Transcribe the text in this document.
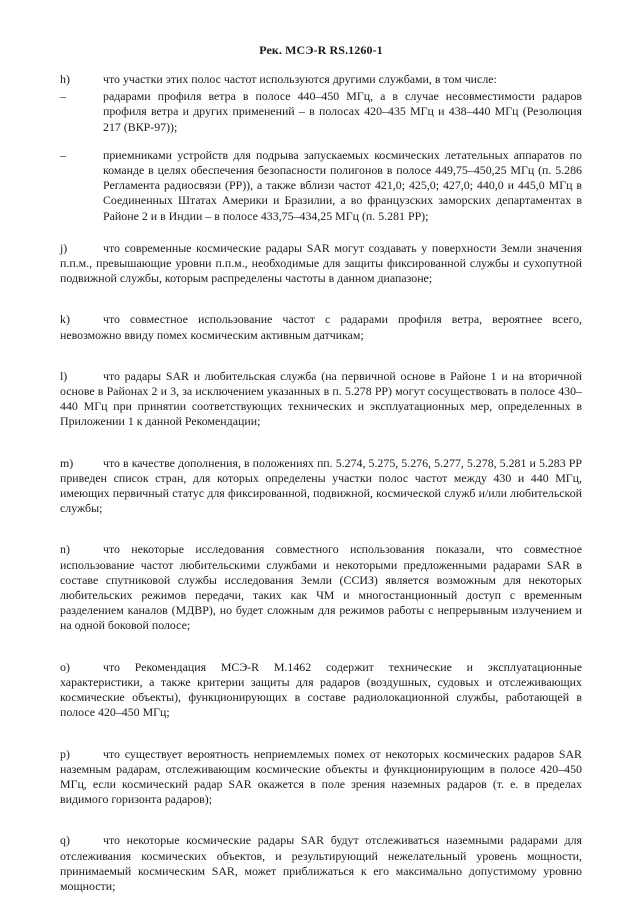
Рек. МСЭ-R RS.1260-1
h)	что участки этих полос частот используются другими службами, в том числе:
–	радарами профиля ветра в полосе 440–450 МГц, а в случае несовместимости радаров профиля ветра и других применений – в полосах 420–435 МГц и 438–440 МГц (Резолюция 217 (ВКР-97));
–	приемниками устройств для подрыва запускаемых космических летательных аппаратов по команде в целях обеспечения безопасности полигонов в полосе 449,75–450,25 МГц (п. 5.286 Регламента радиосвязи (РР)), а также вблизи частот 421,0; 425,0; 427,0; 440,0 и 445,0 МГц в Соединенных Штатах Америки и Бразилии, а во французских заморских департаментах в Районе 2 и в Индии – в полосе 433,75–434,25 МГц (п. 5.281 РР);

j)	что современные космические радары SAR могут создавать у поверхности Земли значения п.п.м., превышающие уровни п.п.м., необходимые для защиты фиксированной службы и сухопутной подвижной службы, которым распределены частоты в данном диапазоне;

k)	что совместное использование частот с радарами профиля ветра, вероятнее всего, невозможно ввиду помех космическим активным датчикам;

l)	что радары SAR и любительская служба (на первичной основе в Районе 1 и на вторичной основе в Районах 2 и 3, за исключением указанных в п. 5.278 РР) могут сосуществовать в полосе 430–440 МГц при принятии соответствующих технических и эксплуатационных мер, определенных в Приложении 1 к данной Рекомендации;

m)	что в качестве дополнения, в положениях пп. 5.274, 5.275, 5.276, 5.277, 5.278, 5.281 и 5.283 РР приведен список стран, для которых определены участки полос частот между 430 и 440 МГц, имеющих первичный статус для фиксированной, подвижной, космической служб и/или любительской службы;

n)	что некоторые исследования совместного использования показали, что совместное использование частот любительскими службами и некоторыми предложенными радарами SAR в составе спутниковой службы исследования Земли (ССИЗ) является возможным для некоторых любительских режимов передачи, таких как ЧМ и многостанционный доступ с временным разделением каналов (МДВР), но будет сложным для режимов работы с непрерывным излучением и на одной боковой полосе;

o)	что Рекомендация МСЭ-R M.1462 содержит технические и эксплуатационные характеристики, а также критерии защиты для радаров (воздушных, судовых и отслеживающих космические объекты), функционирующих в составе радиолокационной службы, работающей в полосе 420–450 МГц;

p)	что существует вероятность неприемлемых помех от некоторых космических радаров SAR наземным радарам, отслеживающим космические объекты и функционирующим в полосе 420–450 МГц, если космический радар SAR окажется в поле зрения наземных радаров (т. е. в пределах видимого горизонта радаров);

q)	что некоторые космические радары SAR будут отслеживаться наземными радарами для отслеживания космических объектов, и результирующий нежелательный уровень мощности, принимаемый космическим SAR, может приближаться к его максимально допустимому уровню мощности;
